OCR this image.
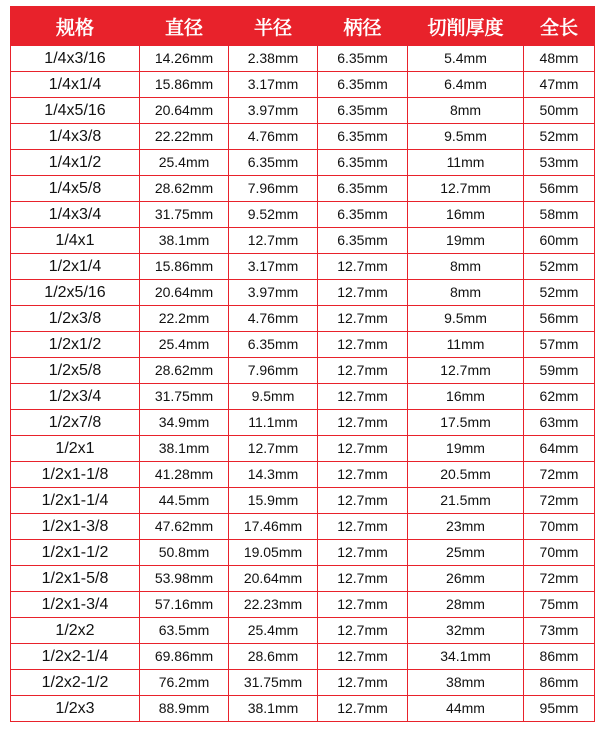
规格	直径	半径	柄径	切削厚度	全长
1/4x3/16	14.26mm	2.38mm	6.35mm	5.4mm	48mm
1/4x1/4	15.86mm	3.17mm	6.35mm	6.4mm	47mm
1/4x5/16	20.64mm	3.97mm	6.35mm	8mm	50mm
1/4x3/8	22.22mm	4.76mm	6.35mm	9.5mm	52mm
1/4x1/2	25.4mm	6.35mm	6.35mm	11mm	53mm
1/4x5/8	28.62mm	7.96mm	6.35mm	12.7mm	56mm
1/4x3/4	31.75mm	9.52mm	6.35mm	16mm	58mm
1/4x1	38.1mm	12.7mm	6.35mm	19mm	60mm
1/2x1/4	15.86mm	3.17mm	12.7mm	8mm	52mm
1/2x5/16	20.64mm	3.97mm	12.7mm	8mm	52mm
1/2x3/8	22.2mm	4.76mm	12.7mm	9.5mm	56mm
1/2x1/2	25.4mm	6.35mm	12.7mm	11mm	57mm
1/2x5/8	28.62mm	7.96mm	12.7mm	12.7mm	59mm
1/2x3/4	31.75mm	9.5mm	12.7mm	16mm	62mm
1/2x7/8	34.9mm	11.1mm	12.7mm	17.5mm	63mm
1/2x1	38.1mm	12.7mm	12.7mm	19mm	64mm
1/2x1-1/8	41.28mm	14.3mm	12.7mm	20.5mm	72mm
1/2x1-1/4	44.5mm	15.9mm	12.7mm	21.5mm	72mm
1/2x1-3/8	47.62mm	17.46mm	12.7mm	23mm	70mm
1/2x1-1/2	50.8mm	19.05mm	12.7mm	25mm	70mm
1/2x1-5/8	53.98mm	20.64mm	12.7mm	26mm	72mm
1/2x1-3/4	57.16mm	22.23mm	12.7mm	28mm	75mm
1/2x2	63.5mm	25.4mm	12.7mm	32mm	73mm
1/2x2-1/4	69.86mm	28.6mm	12.7mm	34.1mm	86mm
1/2x2-1/2	76.2mm	31.75mm	12.7mm	38mm	86mm
1/2x3	88.9mm	38.1mm	12.7mm	44mm	95mm
